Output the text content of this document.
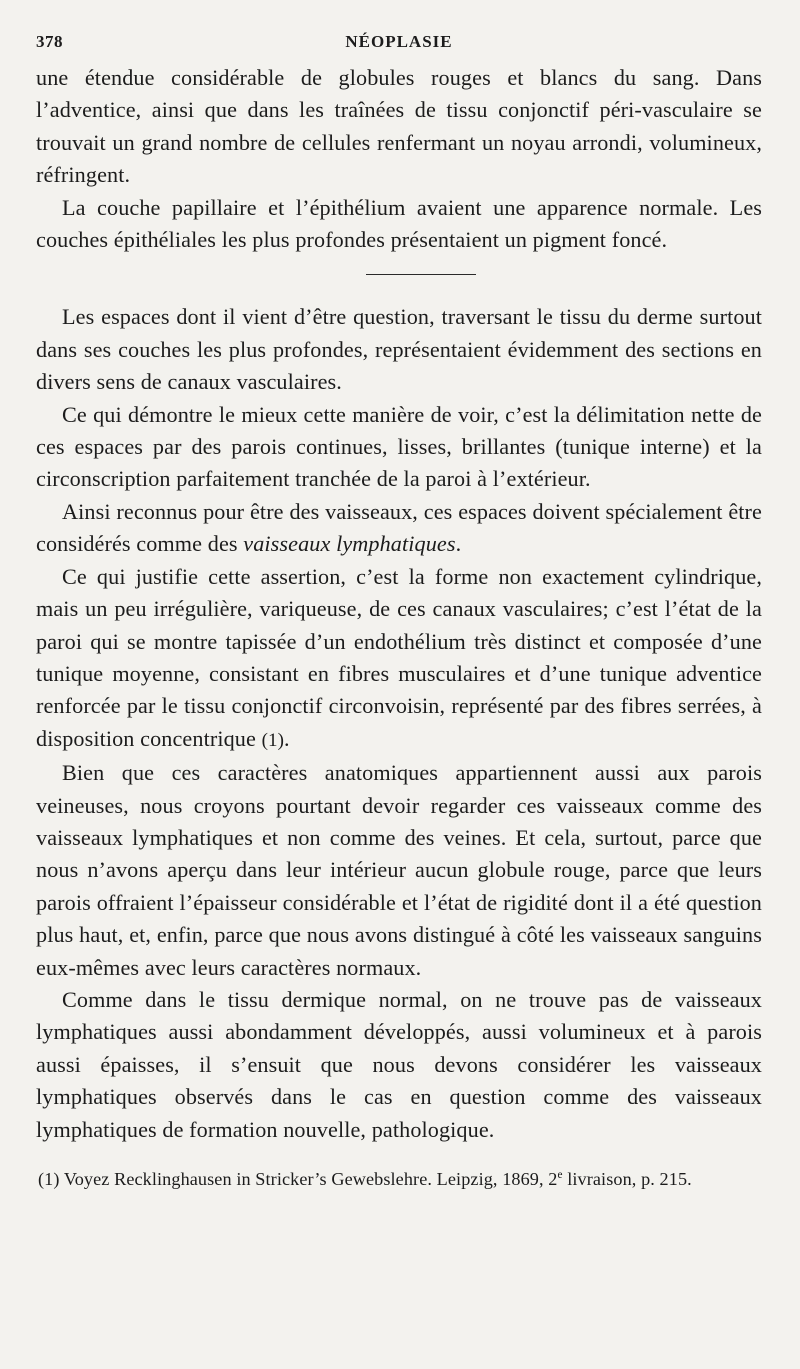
378	NÉOPLASIE

une étendue considérable de globules rouges et blancs du sang. Dans l’adventice, ainsi que dans les traînées de tissu conjonctif péri-vasculaire se trouvait un grand nombre de cellules renfermant un noyau arrondi, volumineux, réfringent.

La couche papillaire et l’épithélium avaient une apparence normale. Les couches épithéliales les plus profondes présentaient un pigment foncé.

Les espaces dont il vient d’être question, traversant le tissu du derme surtout dans ses couches les plus profondes, représentaient évidemment des sections en divers sens de canaux vasculaires.

Ce qui démontre le mieux cette manière de voir, c’est la délimitation nette de ces espaces par des parois continues, lisses, brillantes (tunique interne) et la circonscription parfaitement tranchée de la paroi à l’extérieur.

Ainsi reconnus pour être des vaisseaux, ces espaces doivent spécialement être considérés comme des vaisseaux lymphatiques.

Ce qui justifie cette assertion, c’est la forme non exactement cylindrique, mais un peu irrégulière, variqueuse, de ces canaux vasculaires; c’est l’état de la paroi qui se montre tapissée d’un endothélium très distinct et composée d’une tunique moyenne, consistant en fibres musculaires et d’une tunique adventice renforcée par le tissu conjonctif circonvoisin, représenté par des fibres serrées, à disposition concentrique (1).

Bien que ces caractères anatomiques appartiennent aussi aux parois veineuses, nous croyons pourtant devoir regarder ces vaisseaux comme des vaisseaux lymphatiques et non comme des veines. Et cela, surtout, parce que nous n’avons aperçu dans leur intérieur aucun globule rouge, parce que leurs parois offraient l’épaisseur considérable et l’état de rigidité dont il a été question plus haut, et, enfin, parce que nous avons distingué à côté les vaisseaux sanguins eux-mêmes avec leurs caractères normaux.

Comme dans le tissu dermique normal, on ne trouve pas de vaisseaux lymphatiques aussi abondamment développés, aussi volumineux et à parois aussi épaisses, il s’ensuit que nous devons considérer les vaisseaux lymphatiques observés dans le cas en question comme des vaisseaux lymphatiques de formation nouvelle, pathologique.

(1) Voyez Recklinghausen in Stricker’s Gewebslehre. Leipzig, 1869, 2e livraison, p. 215.
